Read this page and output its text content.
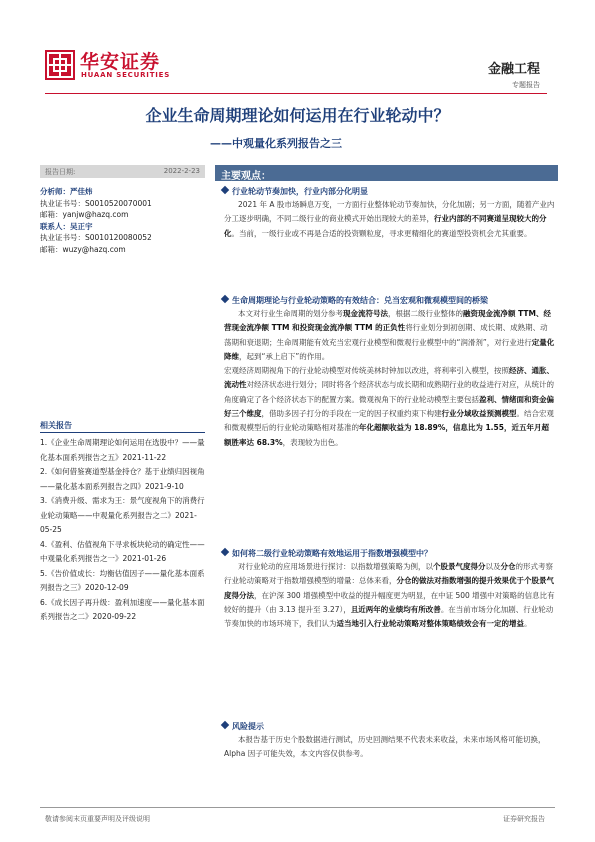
华安证券
HUAAN SECURITIES	金融工程
专题报告
企业生命周期理论如何运用在行业轮动中？
——中观量化系列报告之三
报告日期:	2022-2-23
分析师：严佳炜
执业证书号：S0010520070001
邮箱：yanjw@hazq.com
联系人：吴正宇
执业证书号：S0010120080052
邮箱：wuzy@hazq.com
相关报告
1.《企业生命周期理论如何运用在选股中？——量化基本面系列报告之五》2021-11-22
2.《如何借鉴赛道型基金持仓？基于业绩归因视角——量化基本面系列报告之四》2021-9-10
3.《消费升级、需求为王：景气度视角下的消费行业轮动策略——中观量化系列报告之二》2021-05-25
4.《盈利、估值视角下寻求板块轮动的确定性——中观量化系列报告之一》2021-01-26
5.《告价值成长：均衡估值因子——量化基本面系列报告之三》2020-12-09
6.《成长因子再升级：盈利加速度——量化基本面系列报告之二》2020-09-22
主要观点：
行业轮动节奏加快，行业内部分化明显
2021 年 A 股市场瞬息万变，一方面行业整体轮动节奏加快，分化加剧；另一方面，随着产业内分工逐步明确，不同二级行业的商业模式开始出现较大的差异，行业内部的不同赛道呈现较大的分化。当前，一级行业或不再是合适的投资颗粒度，寻求更精细化的赛道型投资机会尤其重要。
生命周期理论与行业轮动策略的有效结合：兑当宏观和微观模型间的桥梁
本文对行业生命周期的划分参考现金流符号法，根据二级行业整体的融资现金流净额 TTM、经营现金流净额 TTM 和投资现金流净额 TTM 的正负性将行业划分到初创期、成长期、成熟期、动荡期和衰退期；生命周期能有效充当宏观行业模型和微观行业模型中的“润滑剂”，对行业进行定量化降维，起到“承上启下”的作用。
宏观经济周期视角下的行业轮动模型对传统美林时钟加以改进，将利率引入模型，按照经济、通胀、流动性对经济状态进行划分；同时将各个经济状态与成长期和成熟期行业的收益进行对应，从统计的角度确定了各个经济状态下的配置方案。微观视角下的行业轮动模型主要包括盈利、情绪面和资金偏好三个维度，借助多因子打分的手段在一定的因子权重约束下构建行业分域收益预测模型。结合宏观和微观模型后的行业轮动策略相对基准的年化超额收益为 18.89%，信息比为 1.55，近五年月超额胜率达 68.3%，表现较为出色。
如何将二级行业轮动策略有效地运用于指数增强模型中？
对行业轮动的应用场景进行探讨：以指数增强策略为例，以个股景气度得分以及分仓的形式考察行业轮动策略对于指数增强模型的增量：总体来看，分仓的做法对指数增强的提升效果优于个股景气度得分法，在沪深 300 增强模型中收益的提升幅度更为明显，在中证 500 增强中对策略的信息比有较好的提升（由 3.13 提升至 3.27），且近两年的业绩均有所改善。在当前市场分化加剧、行业轮动节奏加快的市场环境下，我们认为适当地引入行业轮动策略对整体策略绩效会有一定的增益。
风险提示
本报告基于历史个股数据进行测试，历史回测结果不代表未来收益，未来市场风格可能切换，Alpha 因子可能失效，本文内容仅供参考。
敬请参阅末页重要声明及评级说明	证券研究报告
